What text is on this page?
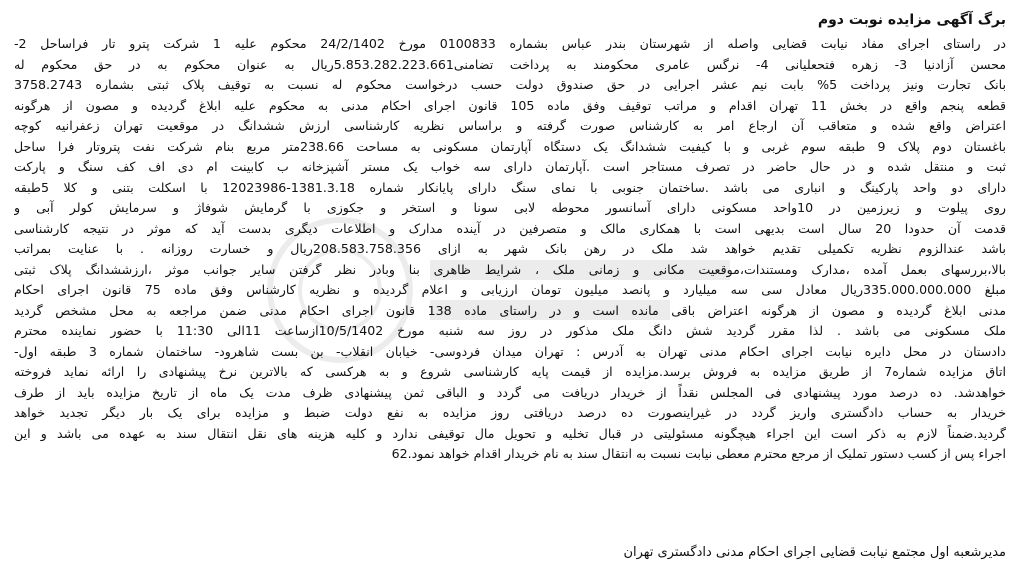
برگ آگهی مزایده نوبت دوم
در راستای اجرای مفاد نیابت قضایی واصله از شهرستان بندر عباس بشماره 0100833 مورخ 24/2/1402 محکوم علیه 1 شرکت پترو تار فراساحل 2-
محسن آزادنیا 3- زهره فتحعلیانی 4- نرگس عامری محکومند به پرداخت تضامنی5.853.282.223.661ریال به عنوان محکوم به در حق محکوم له
بانک تجارت ونیز پرداخت 5% بابت نیم عشر اجرایی در حق صندوق دولت حسب درخواست محکوم له نسبت به توقیف پلاک ثبتی بشماره 3758.2743
قطعه پنجم واقع در بخش 11 تهران اقدام و مراتب توقیف وفق ماده 105 قانون اجرای احکام مدنی به محکوم علیه ابلاغ گردیده و مصون از هرگونه
اعتراض واقع شده و متعاقب آن ارجاع امر به کارشناس صورت گرفته و براساس نظریه کارشناسی ارزش ششدانگ در موقعیت تهران زعفرانیه کوچه
باغستان دوم پلاک 9 طبقه سوم غربی و با کیفیت ششدانگ یک دستگاه آپارتمان مسکونی به مساحت 238.66متر مربع بنام شرکت نفت پتروتار فرا ساحل
ثبت و منتقل شده و در حال حاضر در تصرف مستاجر است .آپارتمان دارای سه خواب یک مستر آشپزخانه ب کابینت ام دی اف کف سنگ و پارکت
دارای دو واحد پارکینگ و انباری می باشد .ساختمان جنوبی با نمای سنگ دارای پایانکار شماره 1381.3.18-12023986 با اسکلت بتنی و کلا 5طبقه
روی پیلوت و زیرزمین در 10واحد مسکونی دارای آسانسور محوطه لابی سونا و استخر و جکوزی با گرمایش شوفاژ و سرمایش کولر آبی و
قدمت آن حدودا 20 سال است بدیهی است با همکاری مالک و متصرفین در آینده مدارک و اطلاعات دیگری بدست آید که موثر در نتیجه کارشناسی
باشد عندالزوم نظریه تکمیلی تقدیم خواهد شد ملک در رهن بانک شهر به ازای 208.583.758.356ریال و خسارت روزانه . با عنایت بمراتب
بالا،بررسهای بعمل آمده ،مدارک ومستندات،موقعیت مکانی و زمانی ملک ، شرایط ظاهری بنا وبادر نظر گرفتن سایر جوانب موثر ،ارزششدانگ پلاک ثبتی
مبلغ 335.000.000.000ریال معادل سی سه میلیارد و پانصد میلیون تومان ارزیابی و اعلام گردیده و نظریه کارشناس وفق ماده 75 قانون اجرای احکام
مدنی ابلاغ گردیده و مصون از هرگونه اعتراض باقی مانده است و در راستای ماده 138 قانون اجرای احکام مدنی ضمن مراجعه به محل مشخص گردید
ملک مسکونی می باشد . لذا مقرر گردید شش دانگ ملک مذکور در روز سه شنبه مورخ 10/5/1402ازساعت 11الی 11:30 با حضور نماینده محترم
دادستان در محل دایره نیابت اجرای احکام مدنی تهران به آدرس : تهران میدان فردوسی- خیابان انقلاب- بن بست شاهرود- ساختمان شماره 3 طبقه اول-
اتاق مزایده شماره7 از طریق مزایده به فروش برسد.مزایده از قیمت پایه کارشناسی شروع و به هرکسی که بالاترین نرخ پیشنهادی را ارائه نماید فروخته
خواهدشد. ده درصد مورد پیشنهادی فی المجلس نقداً از خریدار دریافت می گردد و الباقی ثمن پیشنهادی ظرف مدت یک ماه از تاریخ مزایده باید از طرف
خریدار به حساب دادگستری واریز گردد در غیراینصورت ده درصد دریافتی روز مزایده به نفع دولت ضبط و مزایده برای یک بار دیگر تجدید خواهد
گردید.ضمناً لازم به ذکر است این اجراء هیچگونه مسئولیتی در قبال تخلیه و تحویل مال توقیفی ندارد و کلیه هزینه های نقل انتقال سند به عهده می باشد و این
اجراء پس از کسب دستور تملیک از مرجع محترم معطی نیابت نسبت به انتقال سند به نام خریدار اقدام خواهد نمود.62
مدیرشعبه اول مجتمع نیابت قضایی اجرای احکام مدنی دادگستری تهران
